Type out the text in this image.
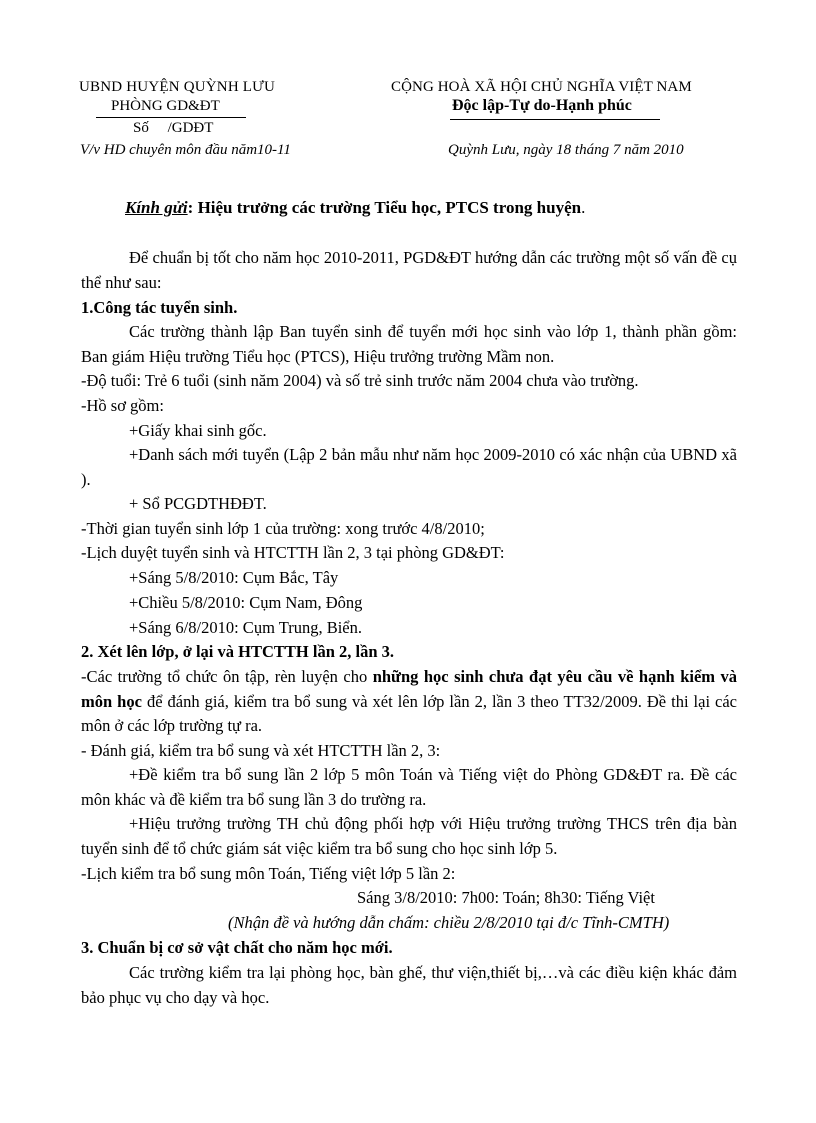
UBND HUYỆN QUỲNH LƯU
PHÒNG GD&ĐT
Số     /GDĐT
V/v HD chuyên môn đầu năm10-11
CỘNG HOÀ XÃ HỘI CHỦ NGHĨA VIỆT NAM
Độc lập-Tự do-Hạnh phúc
Quỳnh Lưu, ngày 18 tháng 7 năm 2010
Kính gửi: Hiệu trưởng các trường Tiểu học, PTCS trong huyện.
Để chuẩn bị tốt cho năm học 2010-2011, PGD&ĐT hướng dẫn các trường một số vấn đề cụ thể như sau:
1.Công tác tuyển sinh.
Các trường thành lập Ban tuyển sinh để tuyển mới học sinh vào lớp 1, thành phần gồm: Ban giám Hiệu trường Tiểu học (PTCS), Hiệu trưởng trường Mầm non.
-Độ tuổi: Trẻ 6 tuổi (sinh năm 2004) và số trẻ sinh trước năm 2004 chưa vào trường.
-Hồ sơ gồm:
+Giấy khai sinh gốc.
+Danh sách mới tuyển (Lập 2 bản mẫu như năm học 2009-2010 có xác nhận của UBND xã ).
+ Sổ PCGDTHĐĐT.
-Thời gian tuyển sinh lớp 1 của trường: xong trước 4/8/2010;
-Lịch duyệt tuyển sinh và HTCTTH lần 2, 3 tại phòng GD&ĐT:
+Sáng 5/8/2010: Cụm Bắc, Tây
+Chiều 5/8/2010: Cụm Nam, Đông
+Sáng 6/8/2010: Cụm Trung, Biển.
2. Xét lên lớp, ở lại và HTCTTH lần 2, lần 3.
-Các trường tổ chức ôn tập, rèn luyện cho những học sinh chưa đạt yêu cầu về hạnh kiểm và môn học để đánh giá, kiểm tra bổ sung và xét lên lớp lần 2, lần 3 theo TT32/2009. Đề thi lại các môn ở các lớp trường tự ra.
- Đánh giá, kiểm tra bổ sung và xét HTCTTH lần 2, 3:
+Đề kiểm tra bổ sung lần 2 lớp 5 môn Toán và Tiếng việt do Phòng GD&ĐT ra. Đề các môn khác và đề kiểm tra bổ sung lần 3 do trường ra.
+Hiệu trưởng trường TH chủ động phối hợp với Hiệu trưởng trường THCS trên địa bàn tuyển sinh để tổ chức giám sát việc kiểm tra bổ sung cho học sinh lớp 5.
-Lịch kiểm tra bổ sung môn Toán, Tiếng việt lớp 5 lần 2:
Sáng 3/8/2010: 7h00: Toán; 8h30: Tiếng Việt
(Nhận đề và hướng dẫn chấm: chiều 2/8/2010 tại đ/c Tĩnh-CMTH)
3. Chuẩn bị cơ sở vật chất cho năm học mới.
Các trường kiểm tra lại phòng học, bàn ghế, thư viện,thiết bị,…và các điều kiện khác đảm bảo phục vụ cho dạy và học.
